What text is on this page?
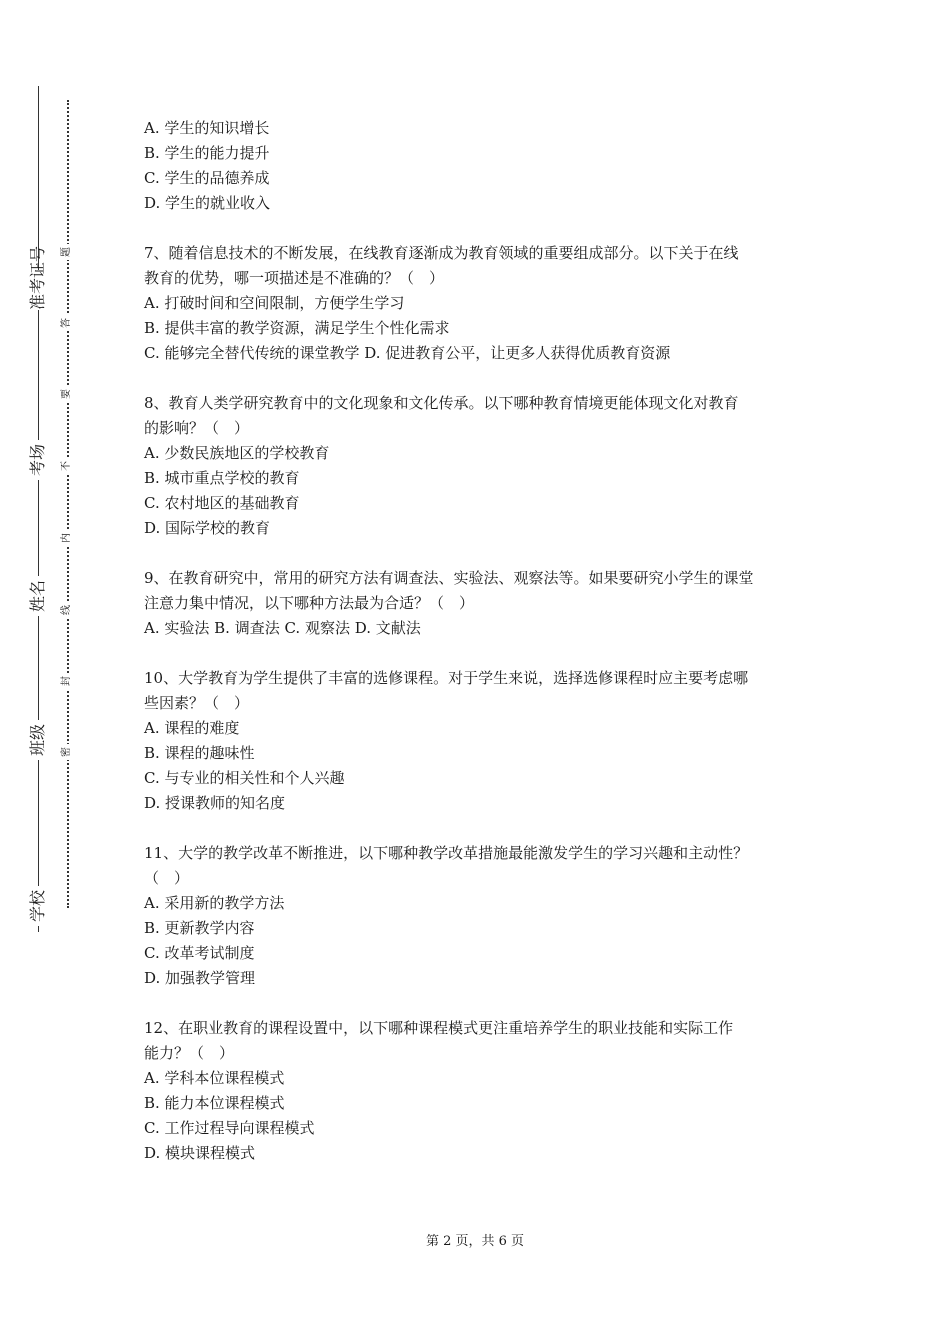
准考证号
考场
姓名
班级
学校
题
答
要
不
内
线
封
密
A. 学生的知识增长
B. 学生的能力提升
C. 学生的品德养成
D. 学生的就业收入
7、随着信息技术的不断发展，在线教育逐渐成为教育领域的重要组成部分。以下关于在线
教育的优势，哪一项描述是不准确的？（　）
A. 打破时间和空间限制，方便学生学习
B. 提供丰富的教学资源，满足学生个性化需求
C. 能够完全替代传统的课堂教学 D. 促进教育公平，让更多人获得优质教育资源
8、教育人类学研究教育中的文化现象和文化传承。以下哪种教育情境更能体现文化对教育
的影响？（　）
A. 少数民族地区的学校教育
B. 城市重点学校的教育
C. 农村地区的基础教育
D. 国际学校的教育
9、在教育研究中，常用的研究方法有调查法、实验法、观察法等。如果要研究小学生的课堂
注意力集中情况，以下哪种方法最为合适？（　）
A. 实验法 B. 调查法 C. 观察法 D. 文献法
10、大学教育为学生提供了丰富的选修课程。对于学生来说，选择选修课程时应主要考虑哪
些因素？（　）
A. 课程的难度
B. 课程的趣味性
C. 与专业的相关性和个人兴趣
D. 授课教师的知名度
11、大学的教学改革不断推进，以下哪种教学改革措施最能激发学生的学习兴趣和主动性？
（　）
A. 采用新的教学方法
B. 更新教学内容
C. 改革考试制度
D. 加强教学管理
12、在职业教育的课程设置中，以下哪种课程模式更注重培养学生的职业技能和实际工作
能力？（　）
A. 学科本位课程模式
B. 能力本位课程模式
C. 工作过程导向课程模式
D. 模块课程模式
第 2 页，共 6 页
